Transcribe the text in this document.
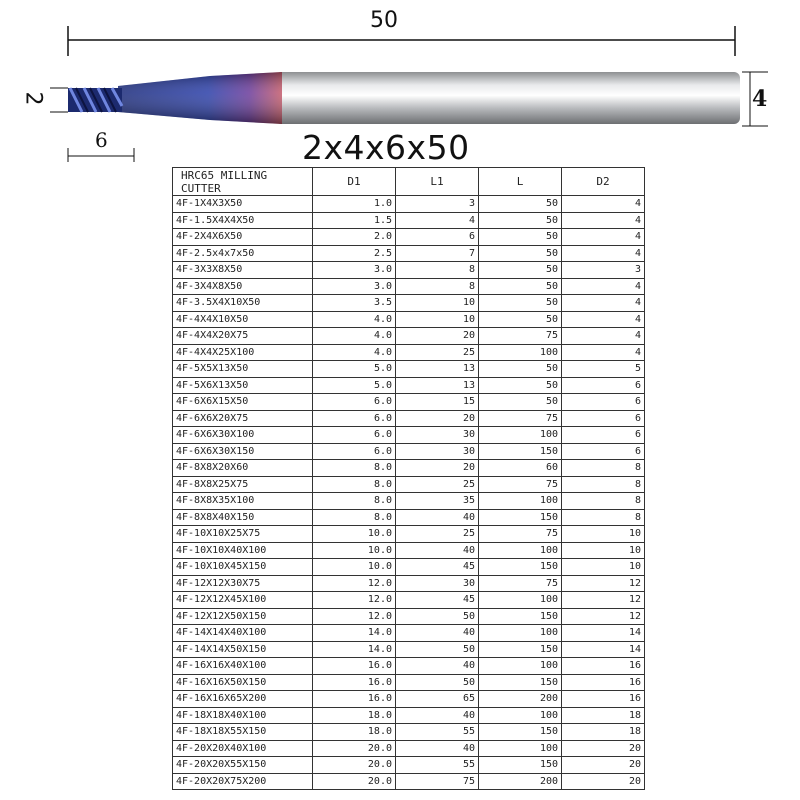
50
2	4
6	2x4x6x50
HRC65 MILLING CUTTER	D1	L1	L	D2
4F-1X4X3X50	1.0	3	50	4
4F-1.5X4X4X50	1.5	4	50	4
4F-2X4X6X50	2.0	6	50	4
4F-2.5x4x7x50	2.5	7	50	4
4F-3X3X8X50	3.0	8	50	3
4F-3X4X8X50	3.0	8	50	4
4F-3.5X4X10X50	3.5	10	50	4
4F-4X4X10X50	4.0	10	50	4
4F-4X4X20X75	4.0	20	75	4
4F-4X4X25X100	4.0	25	100	4
4F-5X5X13X50	5.0	13	50	5
4F-5X6X13X50	5.0	13	50	6
4F-6X6X15X50	6.0	15	50	6
4F-6X6X20X75	6.0	20	75	6
4F-6X6X30X100	6.0	30	100	6
4F-6X6X30X150	6.0	30	150	6
4F-8X8X20X60	8.0	20	60	8
4F-8X8X25X75	8.0	25	75	8
4F-8X8X35X100	8.0	35	100	8
4F-8X8X40X150	8.0	40	150	8
4F-10X10X25X75	10.0	25	75	10
4F-10X10X40X100	10.0	40	100	10
4F-10X10X45X150	10.0	45	150	10
4F-12X12X30X75	12.0	30	75	12
4F-12X12X45X100	12.0	45	100	12
4F-12X12X50X150	12.0	50	150	12
4F-14X14X40X100	14.0	40	100	14
4F-14X14X50X150	14.0	50	150	14
4F-16X16X40X100	16.0	40	100	16
4F-16X16X50X150	16.0	50	150	16
4F-16X16X65X200	16.0	65	200	16
4F-18X18X40X100	18.0	40	100	18
4F-18X18X55X150	18.0	55	150	18
4F-20X20X40X100	20.0	40	100	20
4F-20X20X55X150	20.0	55	150	20
4F-20X20X75X200	20.0	75	200	20
